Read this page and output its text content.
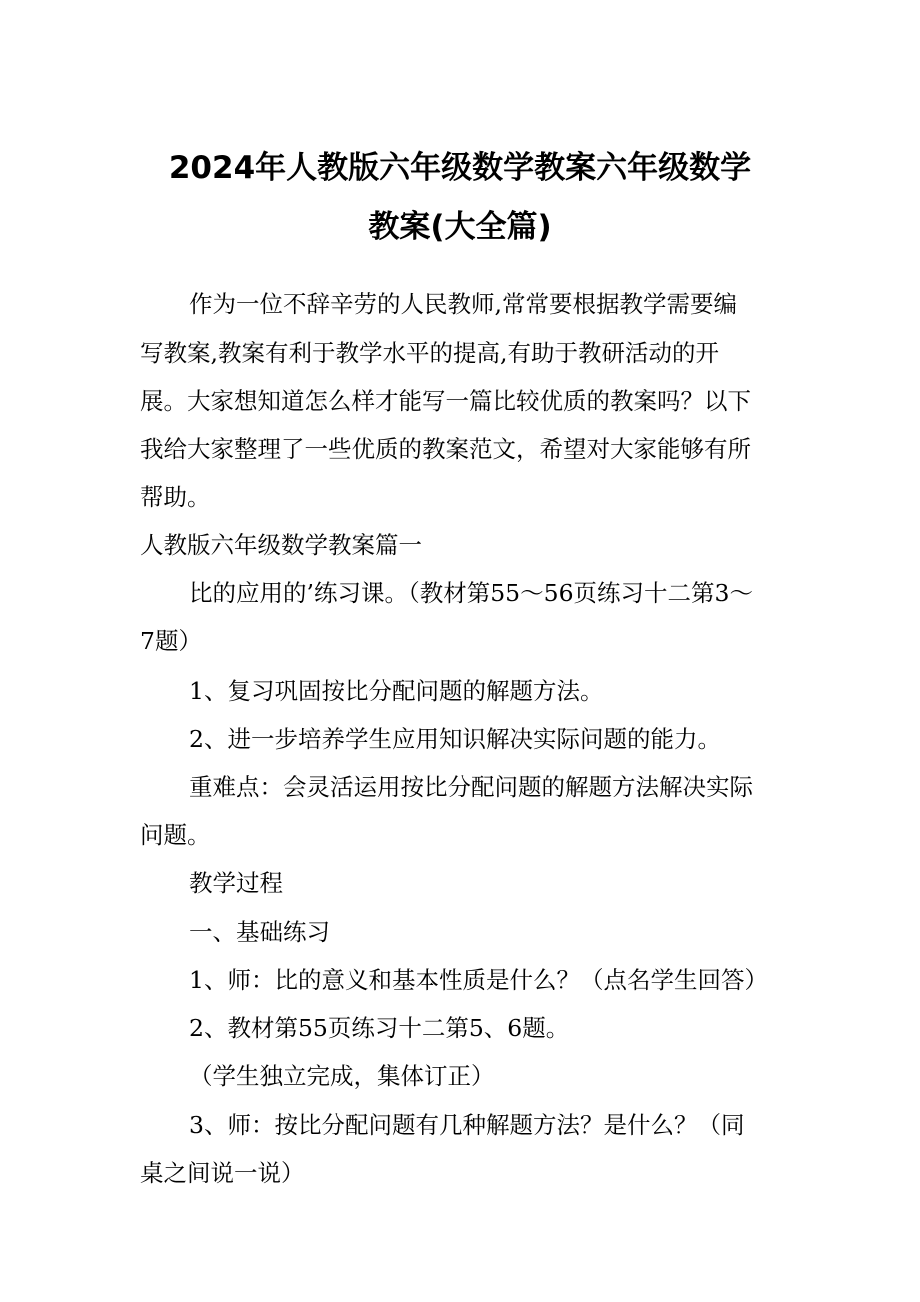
2024年人教版六年级数学教案六年级数学
教案(大全篇)

作为一位不辞辛劳的人民教师,常常要根据教学需要编

写教案,教案有利于教学水平的提高,有助于教研活动的开

展。大家想知道怎么样才能写一篇比较优质的教案吗？以下

我给大家整理了一些优质的教案范文，希望对大家能够有所

帮助。

人教版六年级数学教案篇一

比的应用的’练习课。（教材第55～56页练习十二第3～

7题）

1、复习巩固按比分配问题的解题方法。

2、进一步培养学生应用知识解决实际问题的能力。

重难点：会灵活运用按比分配问题的解题方法解决实际

问题。

教学过程

一、基础练习

1、师：比的意义和基本性质是什么？（点名学生回答）

2、教材第55页练习十二第5、6题。

（学生独立完成，集体订正）

3、师：按比分配问题有几种解题方法？是什么？（同

桌之间说一说）
